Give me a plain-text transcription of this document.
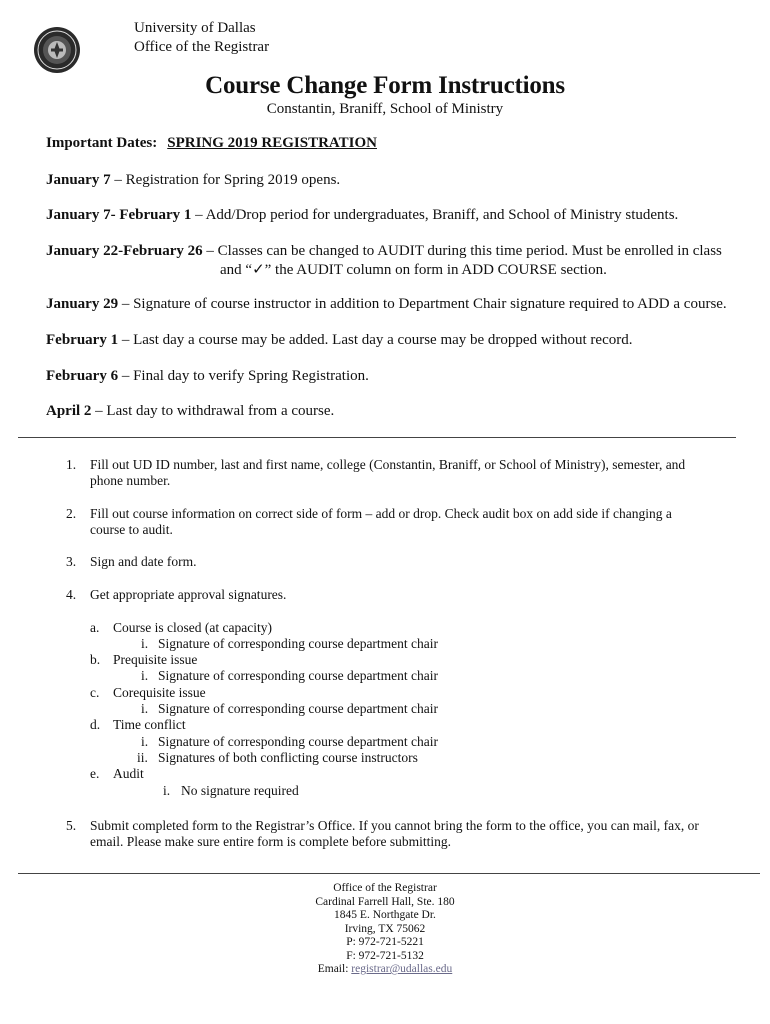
University of Dallas
Office of the Registrar
Course Change Form Instructions
Constantin, Braniff, School of Ministry
Important Dates: SPRING 2019 REGISTRATION
January 7 – Registration for Spring 2019 opens.
January 7- February 1 – Add/Drop period for undergraduates, Braniff, and School of Ministry students.
January 22-February 26 – Classes can be changed to AUDIT during this time period. Must be enrolled in class
and “✓” the AUDIT column on form in ADD COURSE section.
January 29 – Signature of course instructor in addition to Department Chair signature required to ADD a course.
February 1 – Last day a course may be added. Last day a course may be dropped without record.
February 6 – Final day to verify Spring Registration.
April 2 – Last day to withdrawal from a course.
1. Fill out UD ID number, last and first name, college (Constantin, Braniff, or School of Ministry), semester, and
phone number.
2. Fill out course information on correct side of form – add or drop. Check audit box on add side if changing a
course to audit.
3. Sign and date form.
4. Get appropriate approval signatures.
a. Course is closed (at capacity)
i. Signature of corresponding course department chair
b. Prequisite issue
i. Signature of corresponding course department chair
c. Corequisite issue
i. Signature of corresponding course department chair
d. Time conflict
i. Signature of corresponding course department chair
ii. Signatures of both conflicting course instructors
e. Audit
i. No signature required
5. Submit completed form to the Registrar’s Office. If you cannot bring the form to the office, you can mail, fax, or
email. Please make sure entire form is complete before submitting.
Office of the Registrar
Cardinal Farrell Hall, Ste. 180
1845 E. Northgate Dr.
Irving, TX 75062
P: 972-721-5221
F: 972-721-5132
Email: registrar@udallas.edu
